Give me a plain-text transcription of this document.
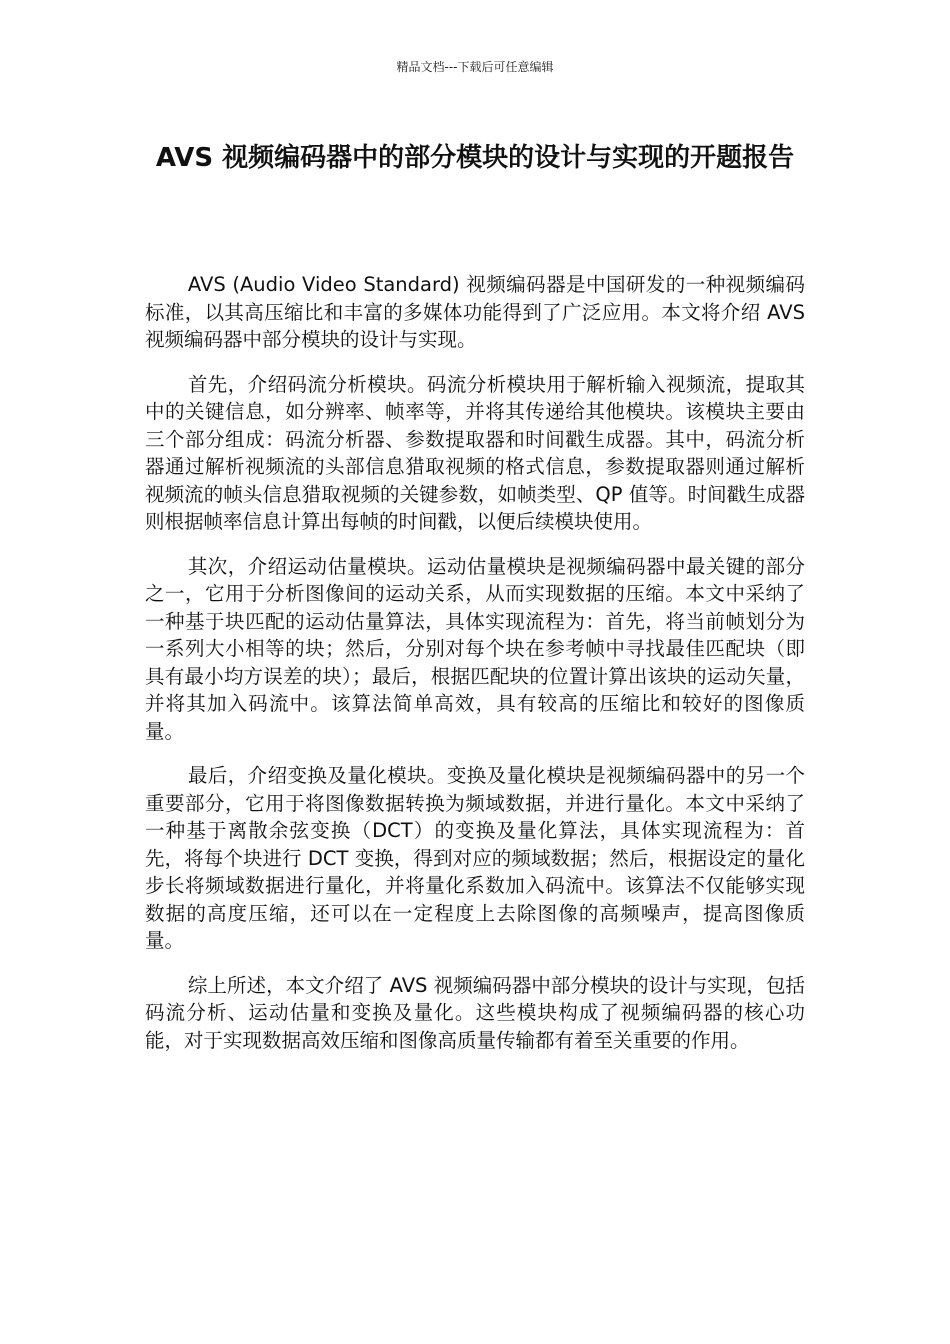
精品文档---下载后可任意编辑
AVS 视频编码器中的部分模块的设计与实现的开题报告

AVS (Audio Video Standard) 视频编码器是中国研发的一种视频编码标准，以其高压缩比和丰富的多媒体功能得到了广泛应用。本文将介绍 AVS 视频编码器中部分模块的设计与实现。

首先，介绍码流分析模块。码流分析模块用于解析输入视频流，提取其中的关键信息，如分辨率、帧率等，并将其传递给其他模块。该模块主要由三个部分组成：码流分析器、参数提取器和时间戳生成器。其中，码流分析器通过解析视频流的头部信息猎取视频的格式信息，参数提取器则通过解析视频流的帧头信息猎取视频的关键参数，如帧类型、QP 值等。时间戳生成器则根据帧率信息计算出每帧的时间戳，以便后续模块使用。

其次，介绍运动估量模块。运动估量模块是视频编码器中最关键的部分之一，它用于分析图像间的运动关系，从而实现数据的压缩。本文中采纳了一种基于块匹配的运动估量算法，具体实现流程为：首先，将当前帧划分为一系列大小相等的块；然后，分别对每个块在参考帧中寻找最佳匹配块（即具有最小均方误差的块）；最后，根据匹配块的位置计算出该块的运动矢量，并将其加入码流中。该算法简单高效，具有较高的压缩比和较好的图像质量。

最后，介绍变换及量化模块。变换及量化模块是视频编码器中的另一个重要部分，它用于将图像数据转换为频域数据，并进行量化。本文中采纳了一种基于离散余弦变换（DCT）的变换及量化算法，具体实现流程为：首先，将每个块进行 DCT 变换，得到对应的频域数据；然后，根据设定的量化步长将频域数据进行量化，并将量化系数加入码流中。该算法不仅能够实现数据的高度压缩，还可以在一定程度上去除图像的高频噪声，提高图像质量。

综上所述，本文介绍了 AVS 视频编码器中部分模块的设计与实现，包括码流分析、运动估量和变换及量化。这些模块构成了视频编码器的核心功能，对于实现数据高效压缩和图像高质量传输都有着至关重要的作用。
